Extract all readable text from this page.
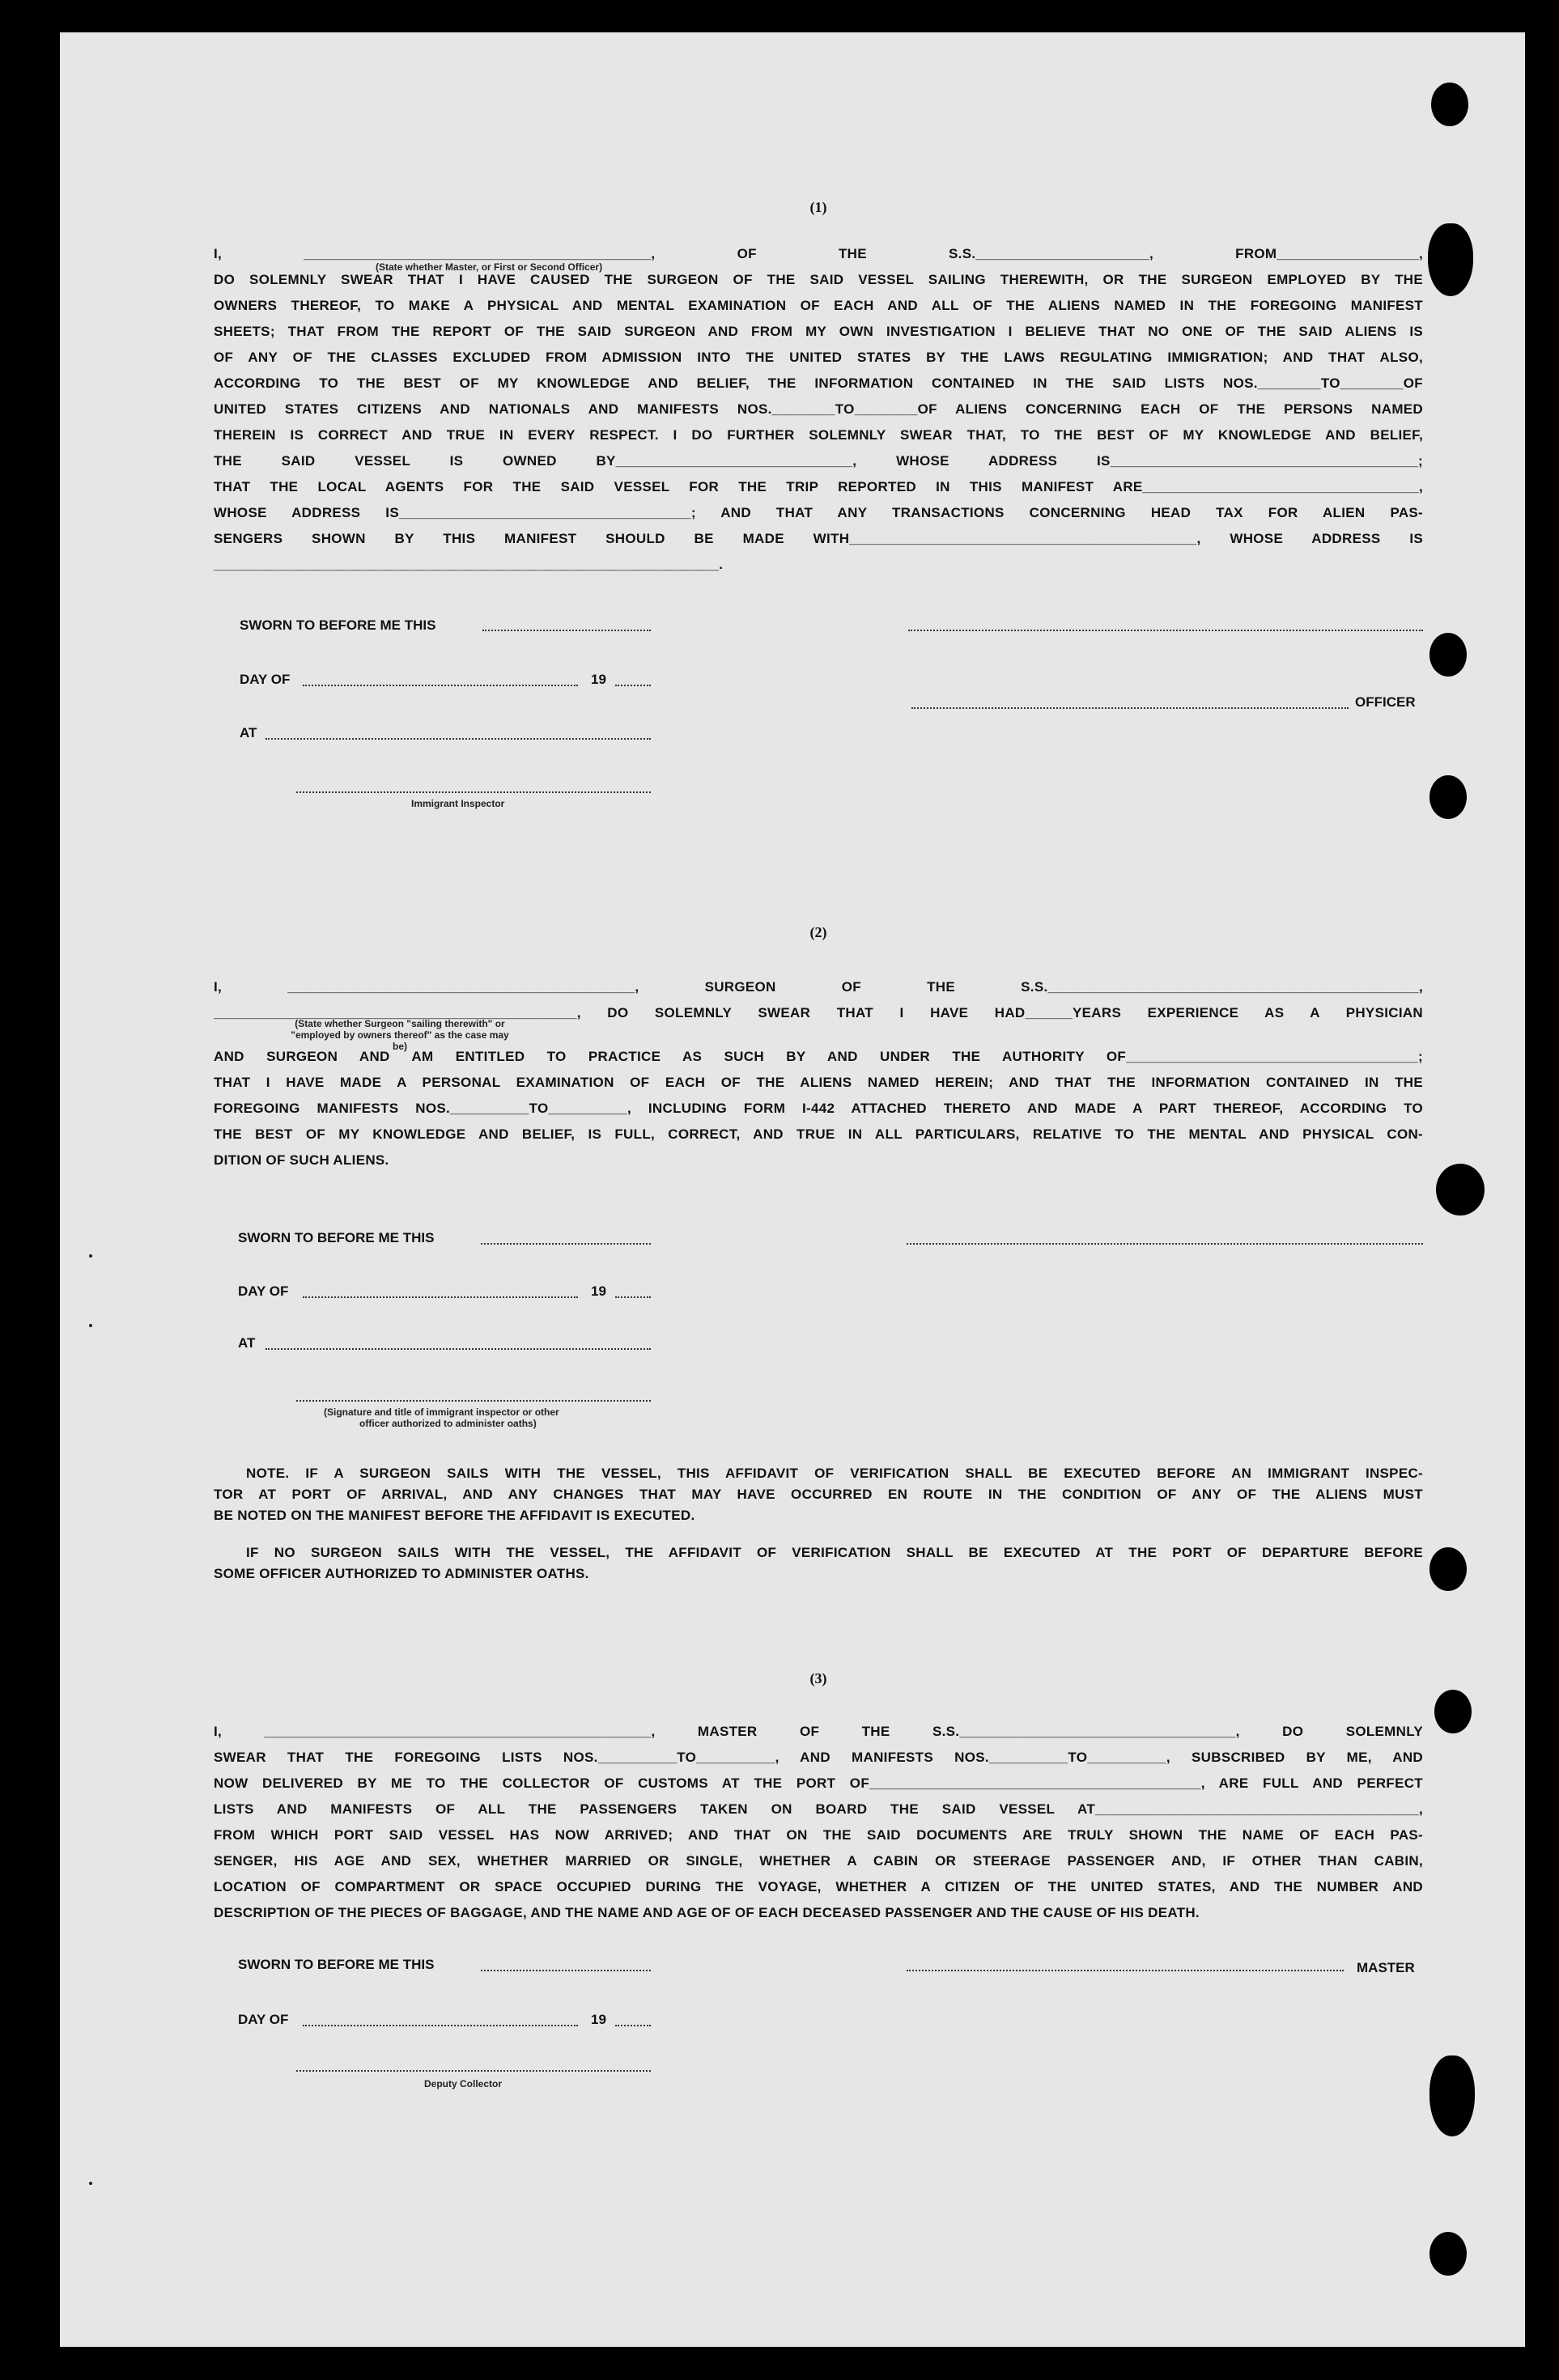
(1)
I, ____________________________________________, OF THE S.S.______________________, FROM__________________,
(State whether Master, or First or Second Officer)
DO SOLEMNLY SWEAR THAT I HAVE CAUSED THE SURGEON OF THE SAID VESSEL SAILING THEREWITH, OR THE SURGEON EMPLOYED BY THE
OWNERS THEREOF, TO MAKE A PHYSICAL AND MENTAL EXAMINATION OF EACH AND ALL OF THE ALIENS NAMED IN THE FOREGOING MANIFEST
SHEETS; THAT FROM THE REPORT OF THE SAID SURGEON AND FROM MY OWN INVESTIGATION I BELIEVE THAT NO ONE OF THE SAID ALIENS IS
OF ANY OF THE CLASSES EXCLUDED FROM ADMISSION INTO THE UNITED STATES BY THE LAWS REGULATING IMMIGRATION; AND THAT ALSO,
ACCORDING TO THE BEST OF MY KNOWLEDGE AND BELIEF, THE INFORMATION CONTAINED IN THE SAID LISTS NOS.________TO________OF
UNITED STATES CITIZENS AND NATIONALS AND MANIFESTS NOS.________TO________OF ALIENS CONCERNING EACH OF THE PERSONS NAMED
THEREIN IS CORRECT AND TRUE IN EVERY RESPECT. I DO FURTHER SOLEMNLY SWEAR THAT, TO THE BEST OF MY KNOWLEDGE AND BELIEF,
THE SAID VESSEL IS OWNED BY______________________________, WHOSE ADDRESS IS_______________________________________;
THAT THE LOCAL AGENTS FOR THE SAID VESSEL FOR THE TRIP REPORTED IN THIS MANIFEST ARE___________________________________,
WHOSE ADDRESS IS_____________________________________; AND THAT ANY TRANSACTIONS CONCERNING HEAD TAX FOR ALIEN PAS-
SENGERS SHOWN BY THIS MANIFEST SHOULD BE MADE WITH____________________________________________, WHOSE ADDRESS IS
________________________________________________________________.
SWORN TO BEFORE ME THIS
DAY OF	19
OFFICER
AT
Immigrant Inspector
(2)
I, ____________________________________________, SURGEON OF THE S.S._______________________________________________,
______________________________________________, DO SOLEMNLY SWEAR THAT I HAVE HAD______YEARS EXPERIENCE AS A PHYSICIAN
(State whether Surgeon "sailing therewith" or "employed by owners thereof" as the case may be)
AND SURGEON AND AM ENTITLED TO PRACTICE AS SUCH BY AND UNDER THE AUTHORITY OF_____________________________________;
THAT I HAVE MADE A PERSONAL EXAMINATION OF EACH OF THE ALIENS NAMED HEREIN; AND THAT THE INFORMATION CONTAINED IN THE
FOREGOING MANIFESTS NOS.__________TO__________, INCLUDING FORM I-442 ATTACHED THERETO AND MADE A PART THEREOF, ACCORDING TO
THE BEST OF MY KNOWLEDGE AND BELIEF, IS FULL, CORRECT, AND TRUE IN ALL PARTICULARS, RELATIVE TO THE MENTAL AND PHYSICAL CON-
DITION OF SUCH ALIENS.
SWORN TO BEFORE ME THIS
DAY OF	19
AT
(Signature and title of immigrant inspector or other
officer authorized to administer oaths)
NOTE. IF A SURGEON SAILS WITH THE VESSEL, THIS AFFIDAVIT OF VERIFICATION SHALL BE EXECUTED BEFORE AN IMMIGRANT INSPEC-
TOR AT PORT OF ARRIVAL, AND ANY CHANGES THAT MAY HAVE OCCURRED EN ROUTE IN THE CONDITION OF ANY OF THE ALIENS MUST
BE NOTED ON THE MANIFEST BEFORE THE AFFIDAVIT IS EXECUTED.
IF NO SURGEON SAILS WITH THE VESSEL, THE AFFIDAVIT OF VERIFICATION SHALL BE EXECUTED AT THE PORT OF DEPARTURE BEFORE
SOME OFFICER AUTHORIZED TO ADMINISTER OATHS.
(3)
I, _________________________________________________, MASTER OF THE S.S.___________________________________, DO SOLEMNLY
SWEAR THAT THE FOREGOING LISTS NOS.__________TO__________, AND MANIFESTS NOS.__________TO__________, SUBSCRIBED BY ME, AND
NOW DELIVERED BY ME TO THE COLLECTOR OF CUSTOMS AT THE PORT OF__________________________________________, ARE FULL AND PERFECT
LISTS AND MANIFESTS OF ALL THE PASSENGERS TAKEN ON BOARD THE SAID VESSEL AT_________________________________________,
FROM WHICH PORT SAID VESSEL HAS NOW ARRIVED; AND THAT ON THE SAID DOCUMENTS ARE TRULY SHOWN THE NAME OF EACH PAS-
SENGER, HIS AGE AND SEX, WHETHER MARRIED OR SINGLE, WHETHER A CABIN OR STEERAGE PASSENGER AND, IF OTHER THAN CABIN,
LOCATION OF COMPARTMENT OR SPACE OCCUPIED DURING THE VOYAGE, WHETHER A CITIZEN OF THE UNITED STATES, AND THE NUMBER AND
DESCRIPTION OF THE PIECES OF BAGGAGE, AND THE NAME AND AGE OF OF EACH DECEASED PASSENGER AND THE CAUSE OF HIS DEATH.
SWORN TO BEFORE ME THIS	MASTER
DAY OF	19
Deputy Collector
